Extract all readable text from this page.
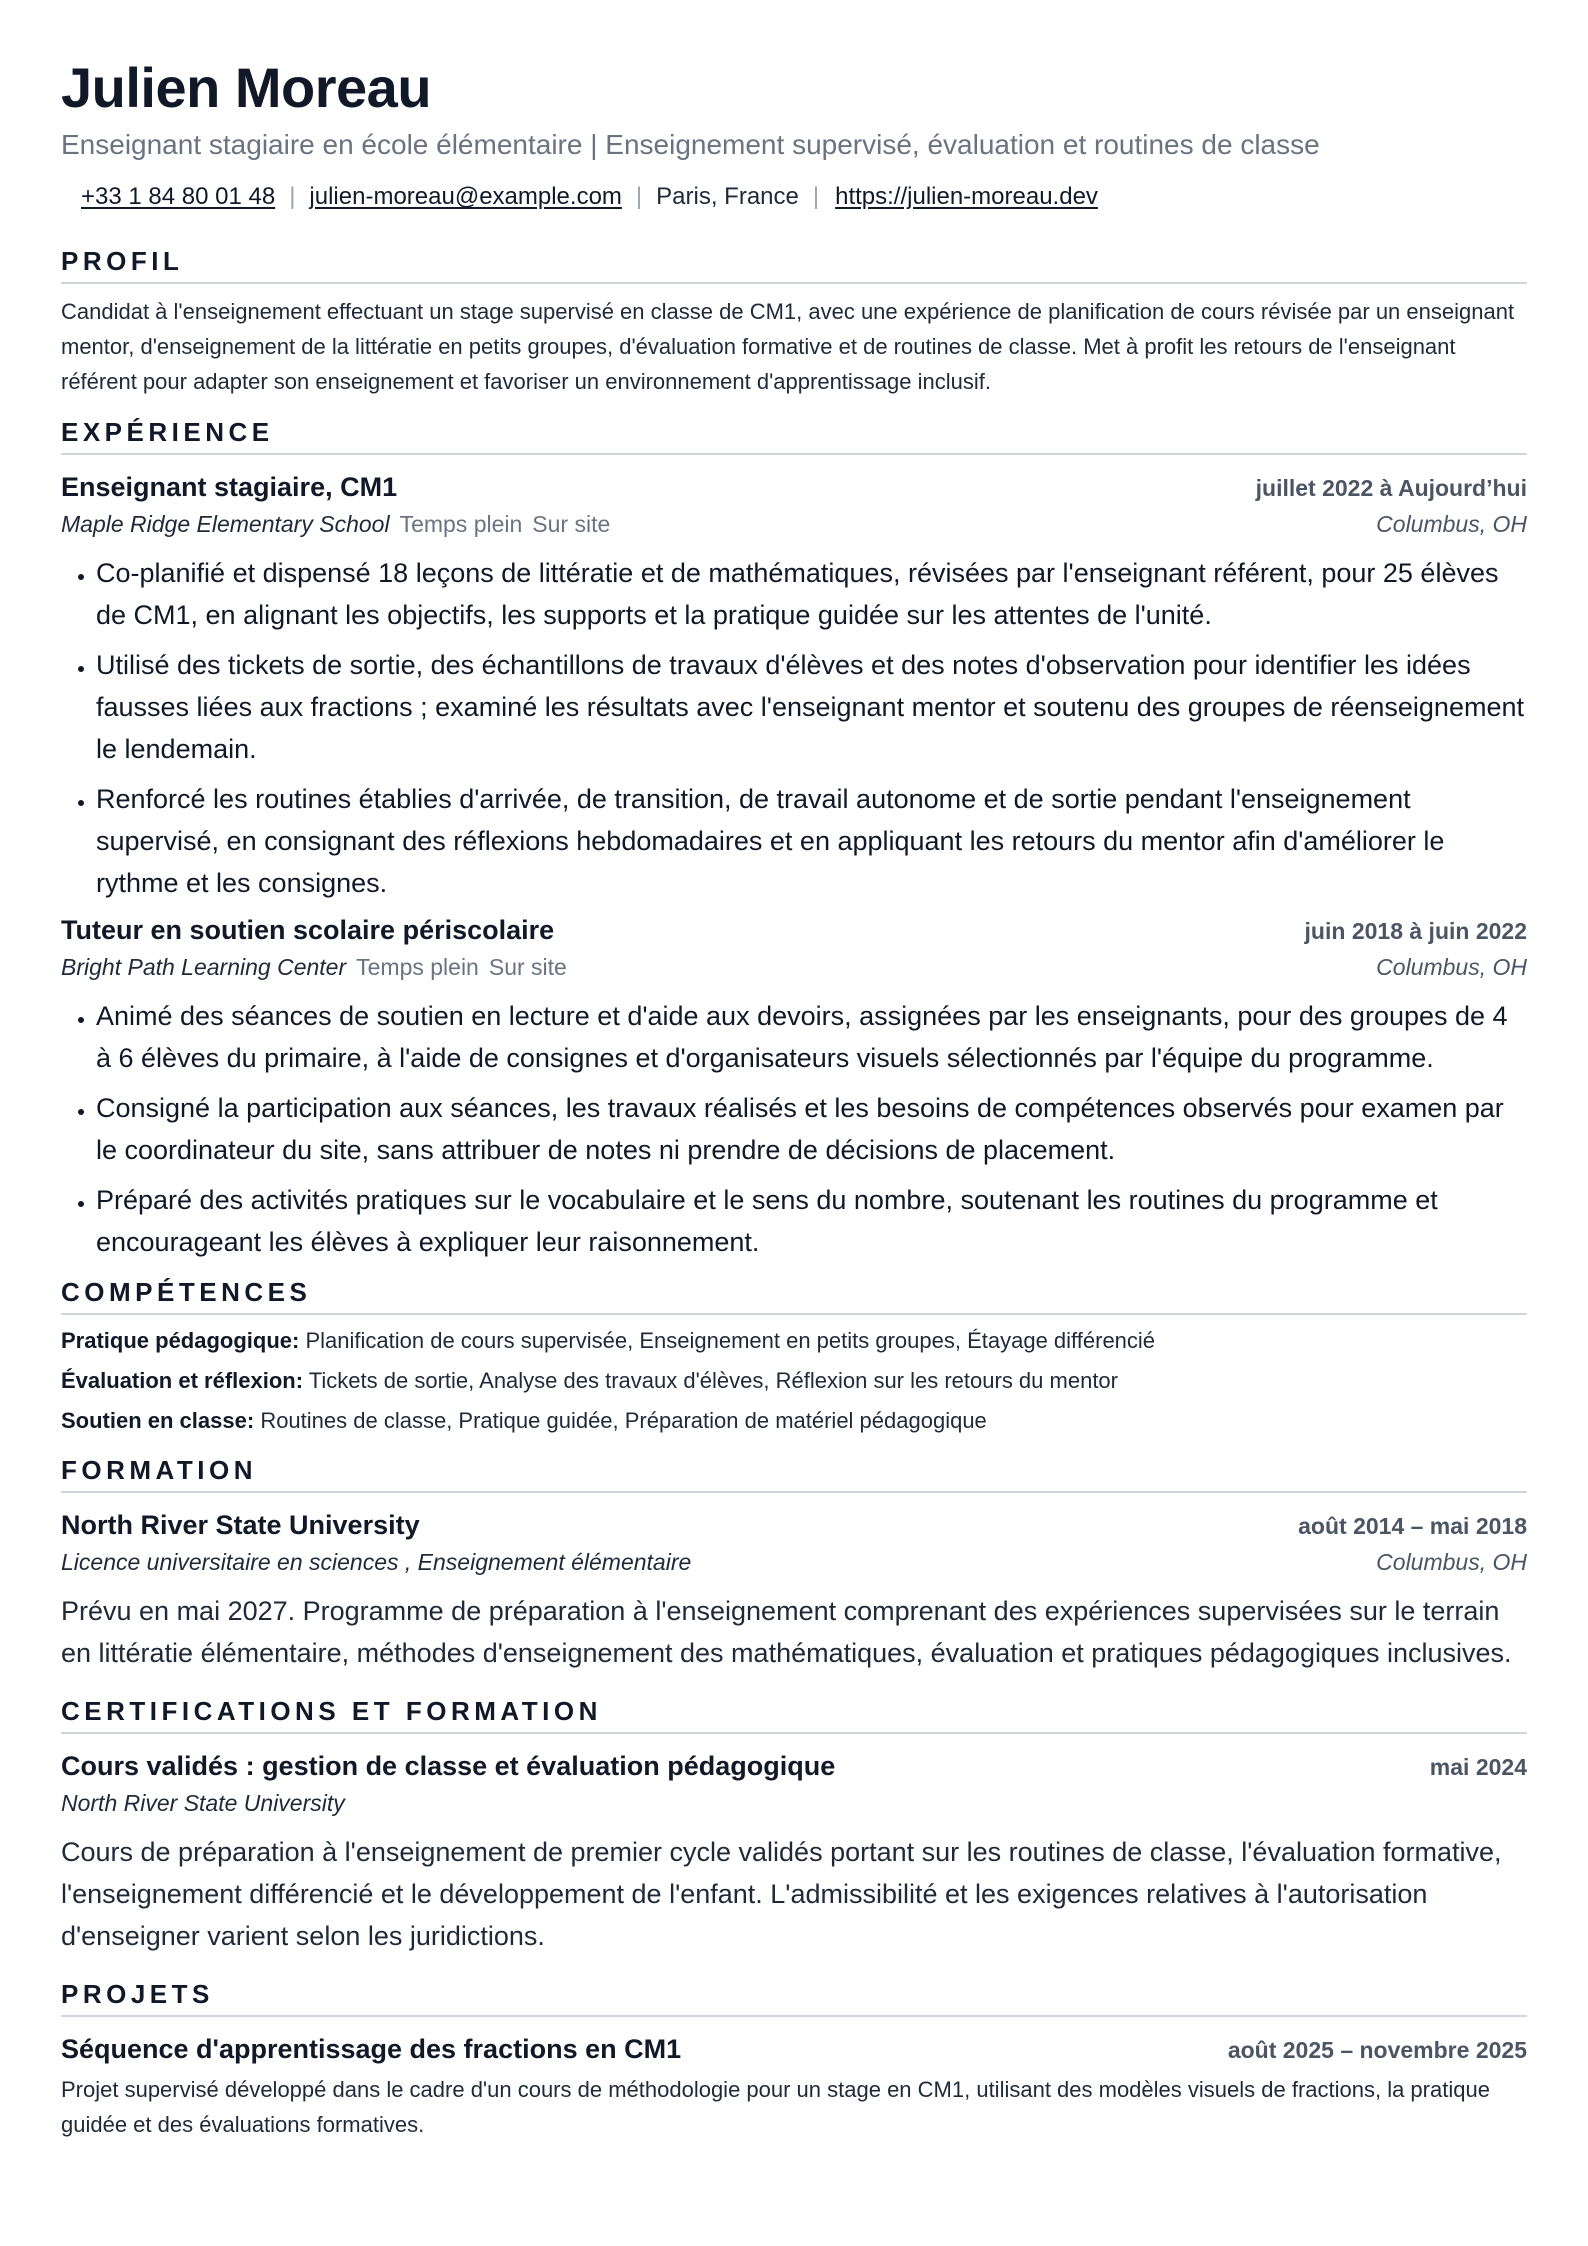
Julien Moreau
Enseignant stagiaire en école élémentaire | Enseignement supervisé, évaluation et routines de classe
+33 1 84 80 01 48 | julien-moreau@example.com | Paris, France | https://julien-moreau.dev
PROFIL
Candidat à l'enseignement effectuant un stage supervisé en classe de CM1, avec une expérience de planification de cours révisée par un enseignant mentor, d'enseignement de la littératie en petits groupes, d'évaluation formative et de routines de classe. Met à profit les retours de l'enseignant référent pour adapter son enseignement et favoriser un environnement d'apprentissage inclusif.
EXPÉRIENCE
Enseignant stagiaire, CM1	juillet 2022 à Aujourd’hui
Maple Ridge Elementary School Temps plein Sur site	Columbus, OH
• Co-planifié et dispensé 18 leçons de littératie et de mathématiques, révisées par l'enseignant référent, pour 25 élèves de CM1, en alignant les objectifs, les supports et la pratique guidée sur les attentes de l'unité.
• Utilisé des tickets de sortie, des échantillons de travaux d'élèves et des notes d'observation pour identifier les idées fausses liées aux fractions ; examiné les résultats avec l'enseignant mentor et soutenu des groupes de réenseignement le lendemain.
• Renforcé les routines établies d'arrivée, de transition, de travail autonome et de sortie pendant l'enseignement supervisé, en consignant des réflexions hebdomadaires et en appliquant les retours du mentor afin d'améliorer le rythme et les consignes.
Tuteur en soutien scolaire périscolaire	juin 2018 à juin 2022
Bright Path Learning Center Temps plein Sur site	Columbus, OH
• Animé des séances de soutien en lecture et d'aide aux devoirs, assignées par les enseignants, pour des groupes de 4 à 6 élèves du primaire, à l'aide de consignes et d'organisateurs visuels sélectionnés par l'équipe du programme.
• Consigné la participation aux séances, les travaux réalisés et les besoins de compétences observés pour examen par le coordinateur du site, sans attribuer de notes ni prendre de décisions de placement.
• Préparé des activités pratiques sur le vocabulaire et le sens du nombre, soutenant les routines du programme et encourageant les élèves à expliquer leur raisonnement.
COMPÉTENCES
Pratique pédagogique: Planification de cours supervisée, Enseignement en petits groupes, Étayage différencié
Évaluation et réflexion: Tickets de sortie, Analyse des travaux d'élèves, Réflexion sur les retours du mentor
Soutien en classe: Routines de classe, Pratique guidée, Préparation de matériel pédagogique
FORMATION
North River State University	août 2014 – mai 2018
Licence universitaire en sciences , Enseignement élémentaire	Columbus, OH
Prévu en mai 2027. Programme de préparation à l'enseignement comprenant des expériences supervisées sur le terrain en littératie élémentaire, méthodes d'enseignement des mathématiques, évaluation et pratiques pédagogiques inclusives.
CERTIFICATIONS ET FORMATION
Cours validés : gestion de classe et évaluation pédagogique	mai 2024
North River State University
Cours de préparation à l'enseignement de premier cycle validés portant sur les routines de classe, l'évaluation formative, l'enseignement différencié et le développement de l'enfant. L'admissibilité et les exigences relatives à l'autorisation d'enseigner varient selon les juridictions.
PROJETS
Séquence d'apprentissage des fractions en CM1	août 2025 – novembre 2025
Projet supervisé développé dans le cadre d'un cours de méthodologie pour un stage en CM1, utilisant des modèles visuels de fractions, la pratique guidée et des évaluations formatives.
